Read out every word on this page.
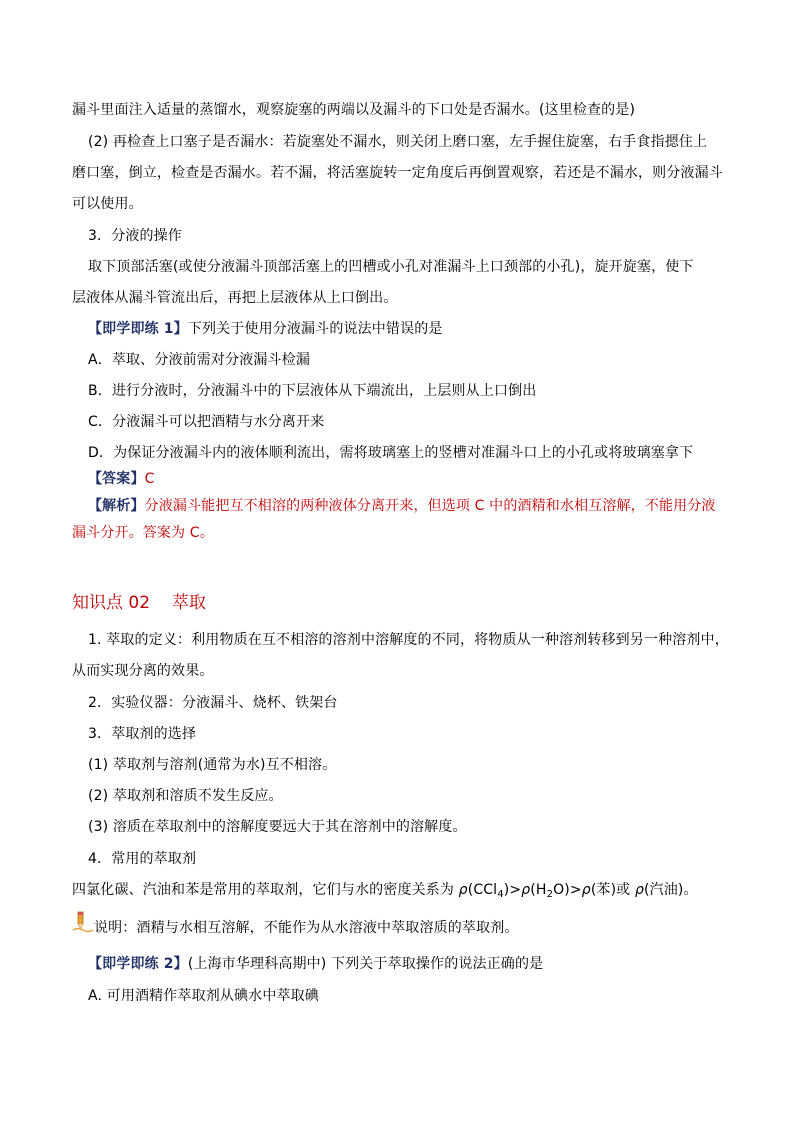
漏斗里面注入适量的蒸馏水，观察旋塞的两端以及漏斗的下口处是否漏水。(这里检查的是)
(2) 再检查上口塞子是否漏水：若旋塞处不漏水，则关闭上磨口塞，左手握住旋塞，右手食指摁住上
磨口塞，倒立，检查是否漏水。若不漏，将活塞旋转一定角度后再倒置观察，若还是不漏水，则分液漏斗
可以使用。
3．分液的操作
取下顶部活塞(或使分液漏斗顶部活塞上的凹槽或小孔对准漏斗上口颈部的小孔)，旋开旋塞，使下
层液体从漏斗管流出后，再把上层液体从上口倒出。
【即学即练 1】下列关于使用分液漏斗的说法中错误的是
A．萃取、分液前需对分液漏斗检漏
B．进行分液时，分液漏斗中的下层液体从下端流出，上层则从上口倒出
C．分液漏斗可以把酒精与水分离开来
D．为保证分液漏斗内的液体顺利流出，需将玻璃塞上的竖槽对准漏斗口上的小孔或将玻璃塞拿下
【答案】C
【解析】分液漏斗能把互不相溶的两种液体分离开来，但选项 C 中的酒精和水相互溶解，不能用分液
漏斗分开。答案为 C。
知识点 02 萃取
1. 萃取的定义：利用物质在互不相溶的溶剂中溶解度的不同，将物质从一种溶剂转移到另一种溶剂中，
从而实现分离的效果。
2．实验仪器：分液漏斗、烧杯、铁架台
3．萃取剂的选择
(1) 萃取剂与溶剂(通常为水)互不相溶。
(2) 萃取剂和溶质不发生反应。
(3) 溶质在萃取剂中的溶解度要远大于其在溶剂中的溶解度。
4．常用的萃取剂
四氯化碳、汽油和苯是常用的萃取剂，它们与水的密度关系为 $\rho(CCl_4)>\rho(H_2O)>\rho$(苯)或 ρ(汽油)。
说明：酒精与水相互溶解，不能作为从水溶液中萃取溶质的萃取剂。
【即学即练 2】(上海市华理科高期中) 下列关于萃取操作的说法正确的是
A. 可用酒精作萃取剂从碘水中萃取碘
